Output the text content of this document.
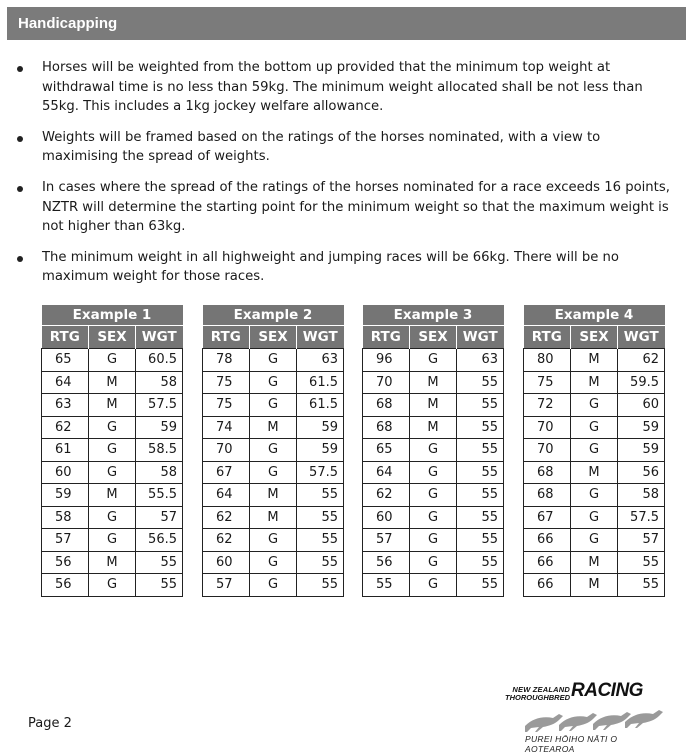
Handicapping
Horses will be weighted from the bottom up provided that the minimum top weight at withdrawal time is no less than 59kg. The minimum weight allocated shall be not less than 55kg. This includes a 1kg jockey welfare allowance.
Weights will be framed based on the ratings of the horses nominated, with a view to maximising the spread of weights.
In cases where the spread of the ratings of the horses nominated for a race exceeds 16 points, NZTR will determine the starting point for the minimum weight so that the maximum weight is not higher than 63kg.
The minimum weight in all highweight and jumping races will be 66kg. There will be no maximum weight for those races.
Example 1		
RTG	SEX	WGT
65	G	60.5
64	M	58
63	M	57.5
62	G	59
61	G	58.5
60	G	58
59	M	55.5
58	G	57
57	G	56.5
56	M	55
56	G	55
Example 2		
RTG	SEX	WGT
78	G	63
75	G	61.5
75	G	61.5
74	M	59
70	G	59
67	G	57.5
64	M	55
62	M	55
62	G	55
60	G	55
57	G	55
Example 3		
RTG	SEX	WGT
96	G	63
70	M	55
68	M	55
68	M	55
65	G	55
64	G	55
62	G	55
60	G	55
57	G	55
56	G	55
55	G	55
Example 4		
RTG	SEX	WGT
80	M	62
75	M	59.5
72	G	60
70	G	59
70	G	59
68	M	56
68	G	58
67	G	57.5
66	G	57
66	M	55
66	M	55
Page 2
NEW ZEALAND
THOROUGHBRED RACING
PUREI HŌIHO NĀTI O AOTEAROA
